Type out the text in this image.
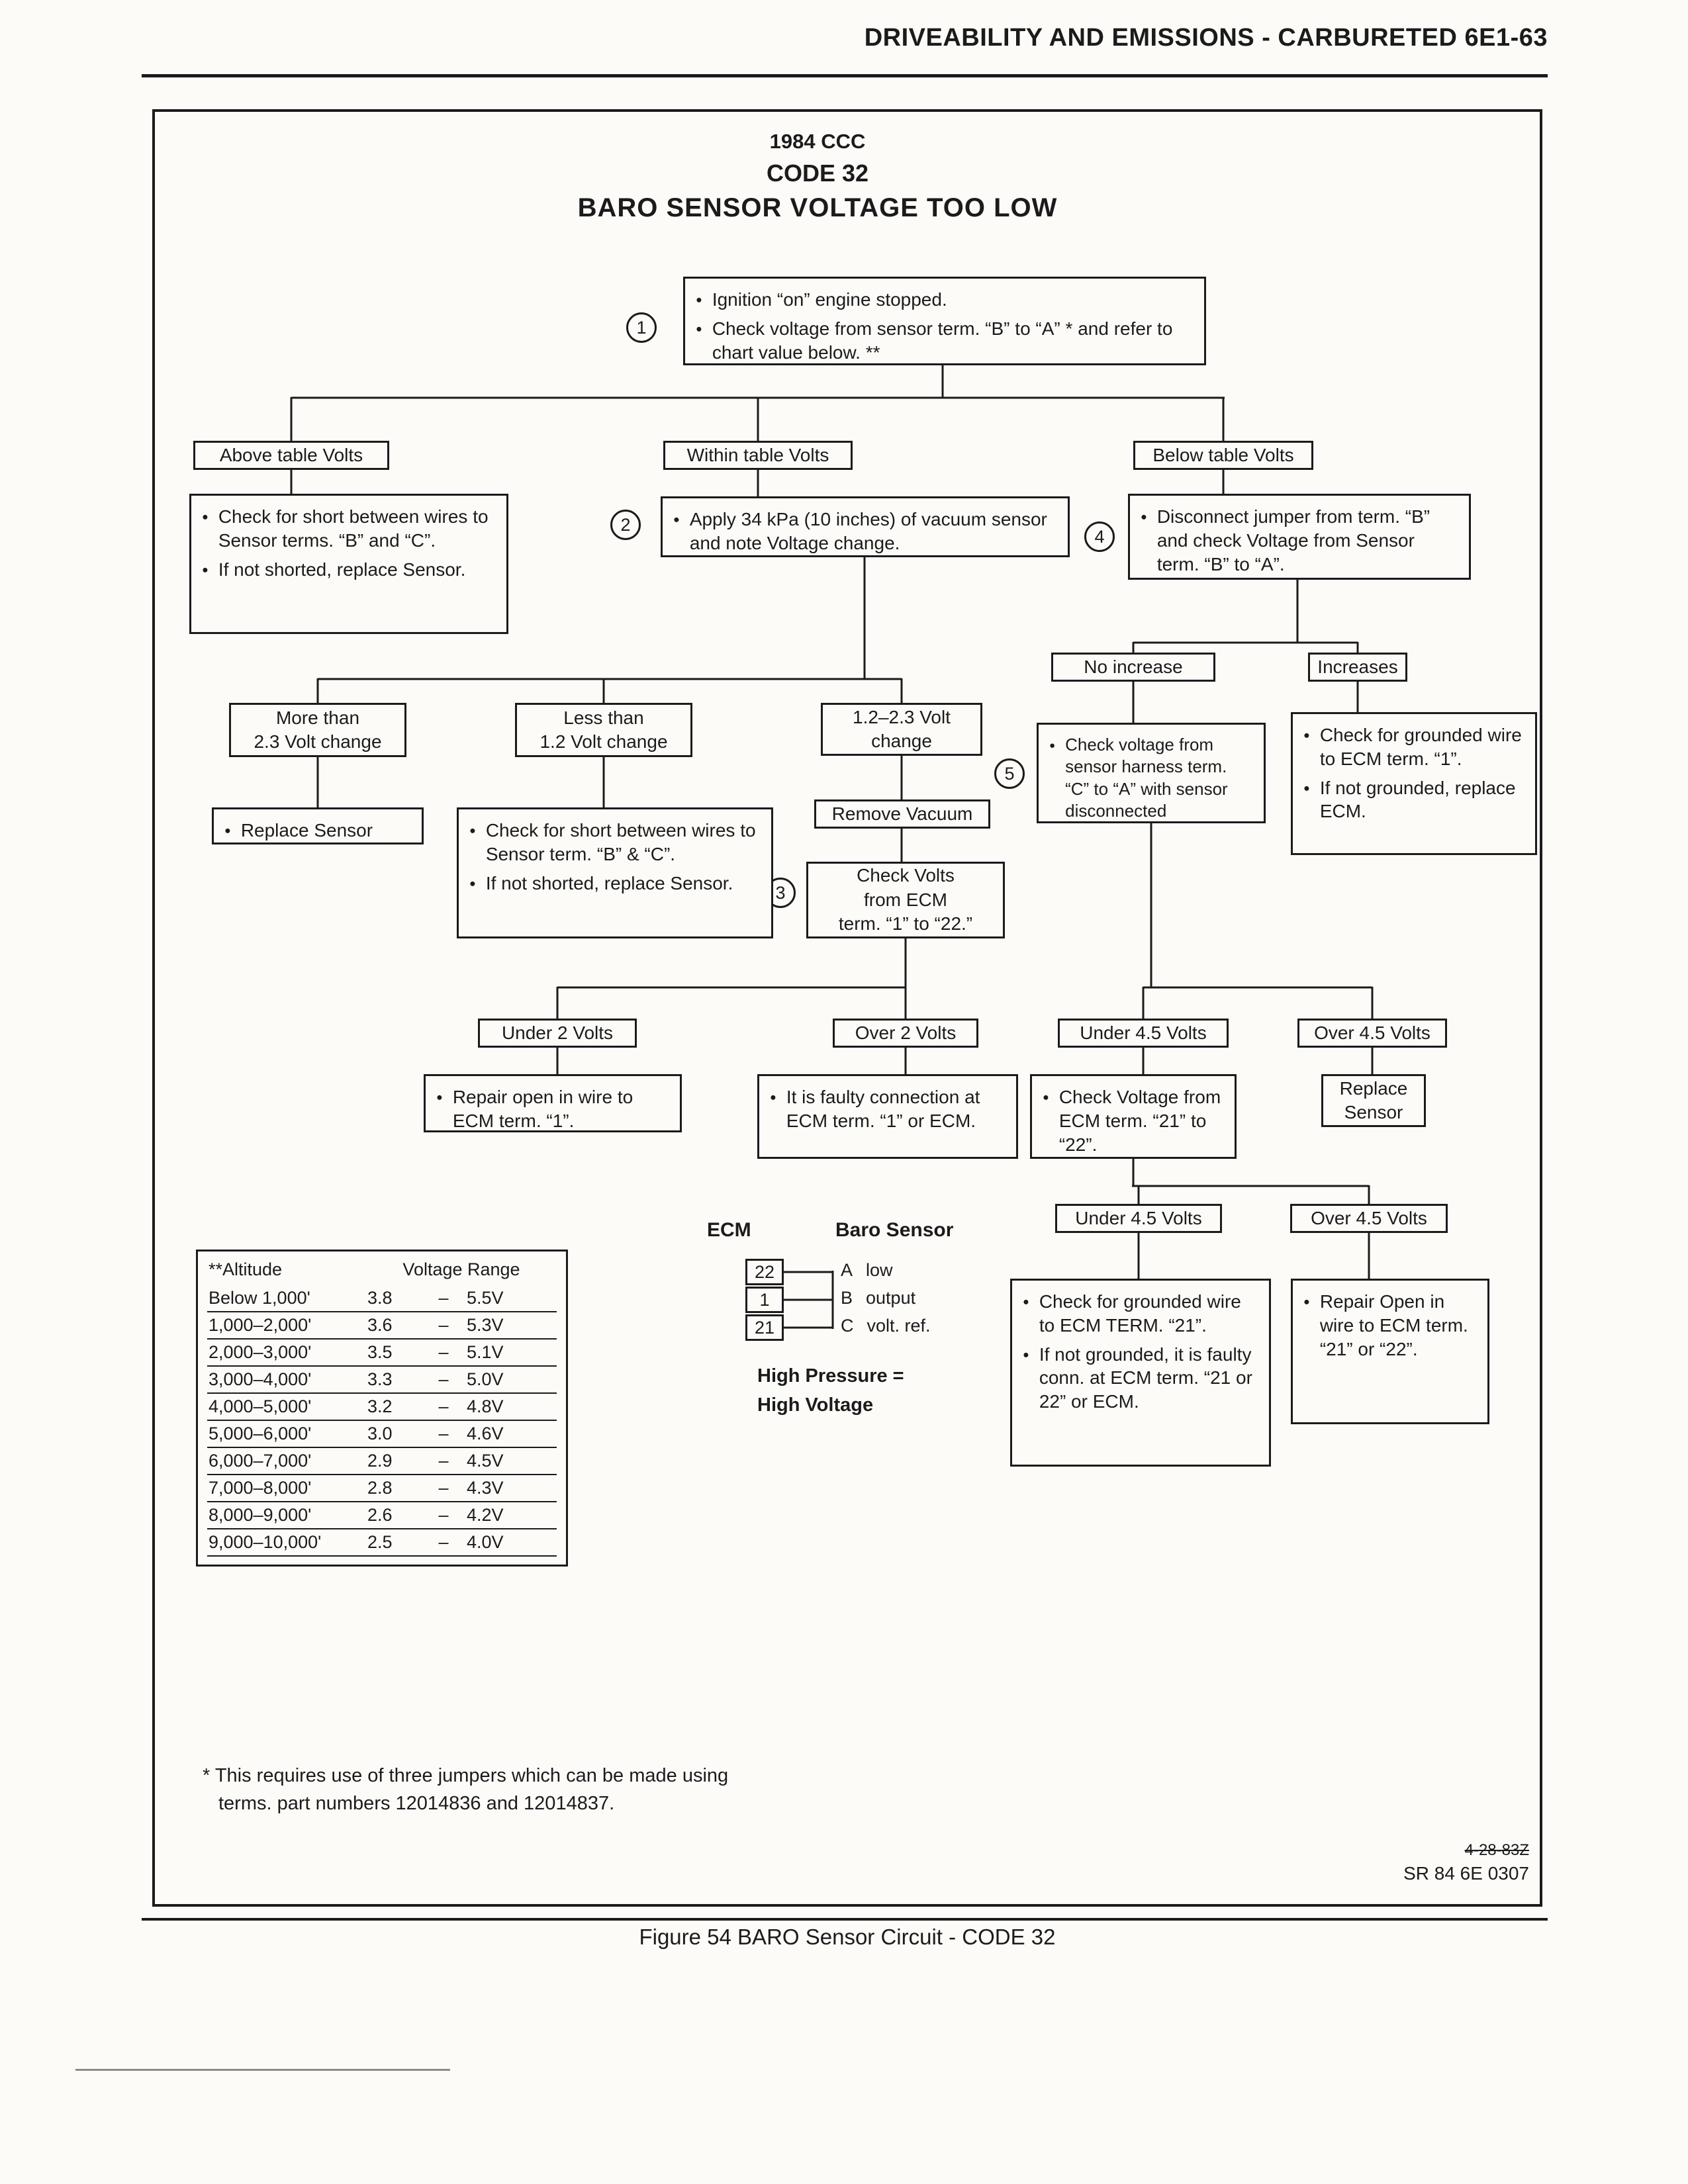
DRIVEABILITY AND EMISSIONS - CARBURETED 6E1-63
1984 CCC
CODE 32
BARO SENSOR VOLTAGE TOO LOW
1
2
3
4
5
● Ignition “on” engine stopped.
● Check voltage from sensor term. “B” to “A” * and refer to chart value below. **
Above table Volts	Within table Volts	Below table Volts
● Check for short between wires to Sensor terms. “B” and “C”.
● If not shorted, replace Sensor.
● Apply 34 kPa (10 inches) of vacuum sensor and note Voltage change.
● Disconnect jumper from term. “B” and check Voltage from Sensor term. “B” to “A”.
More than
2.3 Volt change
Less than
1.2 Volt change
1.2–2.3 Volt
change
● Replace Sensor	● Check for short between wires to Sensor term. “B” & “C”.
● If not shorted, replace Sensor.
Remove Vacuum
Check Volts
from ECM
term. “1” to “22.”
No increase	Increases
● Check voltage from sensor harness term. “C” to “A” with sensor disconnected
● Check for grounded wire to ECM term. “1”.
● If not grounded, replace ECM.
Under 2 Volts	Over 2 Volts	Under 4.5 Volts	Over 4.5 Volts
● Repair open in wire to ECM term. “1”.
● It is faulty connection at ECM term. “1” or ECM.
● Check Voltage from ECM term. “21” to “22”.
Replace
Sensor
Under 4.5 Volts	Over 4.5 Volts
● Check for grounded wire to ECM TERM. “21”.
● If not grounded, it is faulty conn. at ECM term. “21 or 22” or ECM.
● Repair Open in wire to ECM term. “21” or “22”.
**Altitude	Voltage Range
Below 1,000'	3.8	–	5.5V
1,000–2,000'	3.6	–	5.3V
2,000–3,000'	3.5	–	5.1V
3,000–4,000'	3.3	–	5.0V
4,000–5,000'	3.2	–	4.8V
5,000–6,000'	3.0	–	4.6V
6,000–7,000'	2.9	–	4.5V
7,000–8,000'	2.8	–	4.3V
8,000–9,000'	2.6	–	4.2V
9,000–10,000'	2.5	–	4.0V
ECM	Baro Sensor
22
1
21
A low
B output
C volt. ref.
High Pressure =
High Voltage
* This requires use of three jumpers which can be made using
terms. part numbers 12014836 and 12014837.
4-28-83Z
SR 84 6E 0307
Figure 54 BARO Sensor Circuit - CODE 32
